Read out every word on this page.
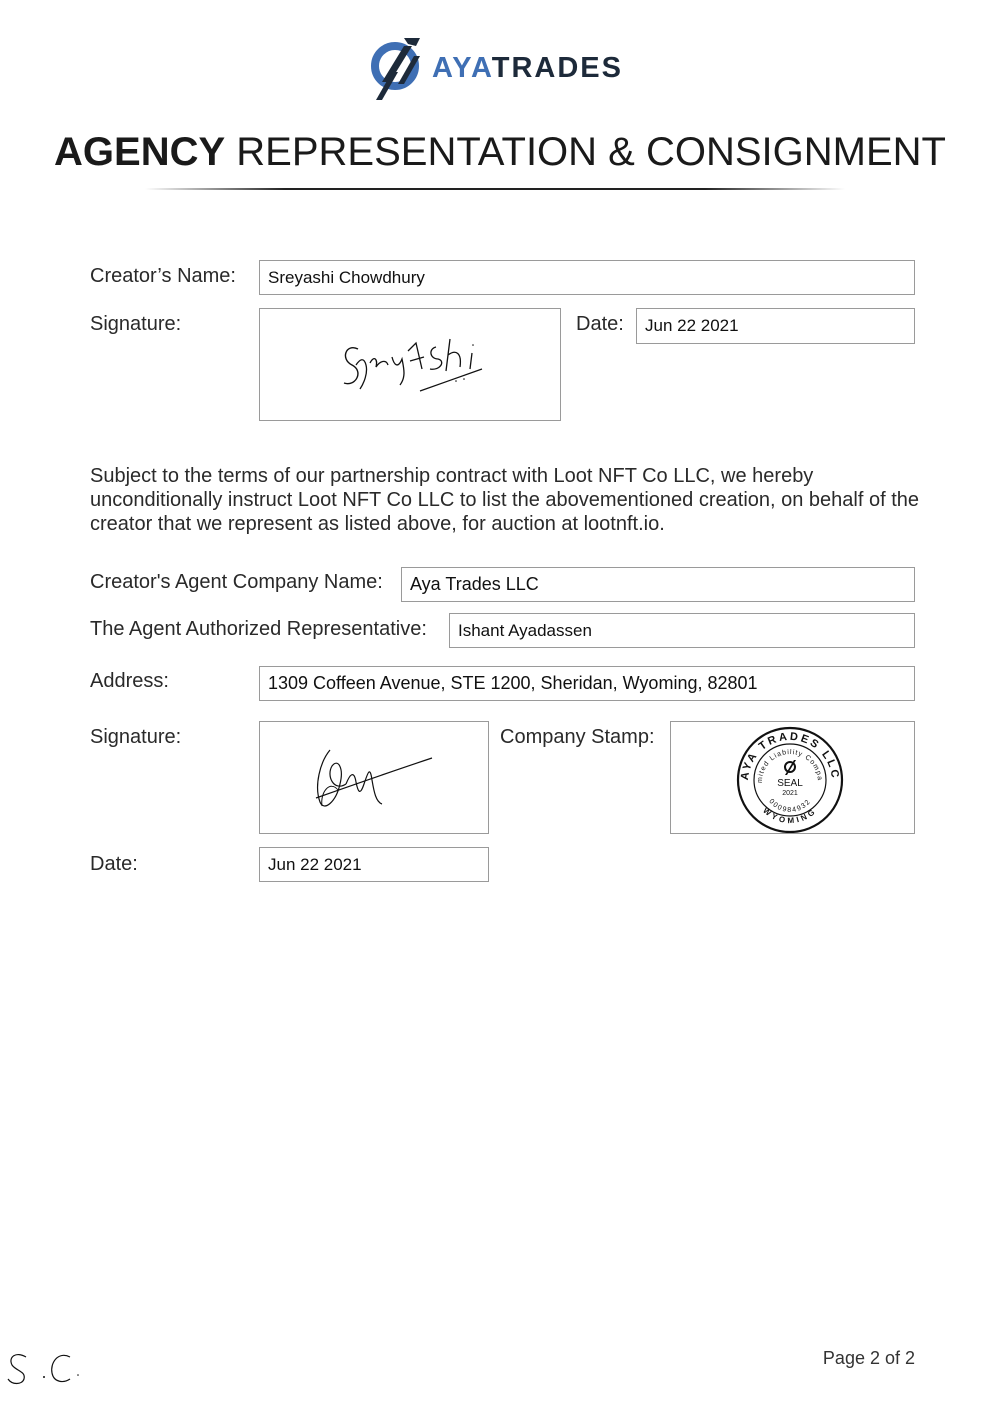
AYATRADES
AGENCY REPRESENTATION & CONSIGNMENT
Creator’s Name:	Sreyashi Chowdhury
Signature:	Date:	Jun 22 2021
Subject to the terms of our partnership contract with Loot NFT Co LLC, we hereby unconditionally instruct Loot NFT Co LLC to list the abovementioned creation, on behalf of the creator that we represent as listed above, for auction at lootnft.io.
Creator's Agent Company Name:	Aya Trades LLC
The Agent Authorized Representative:	Ishant Ayadassen
Address:	1309 Coffeen Avenue, STE 1200, Sheridan, Wyoming, 82801
Signature:	Company Stamp:
AYA TRADES LLC
mited Liability Compa
000984932
WYOMING
SEAL
2021
Date:	Jun 22 2021
Page 2 of 2
